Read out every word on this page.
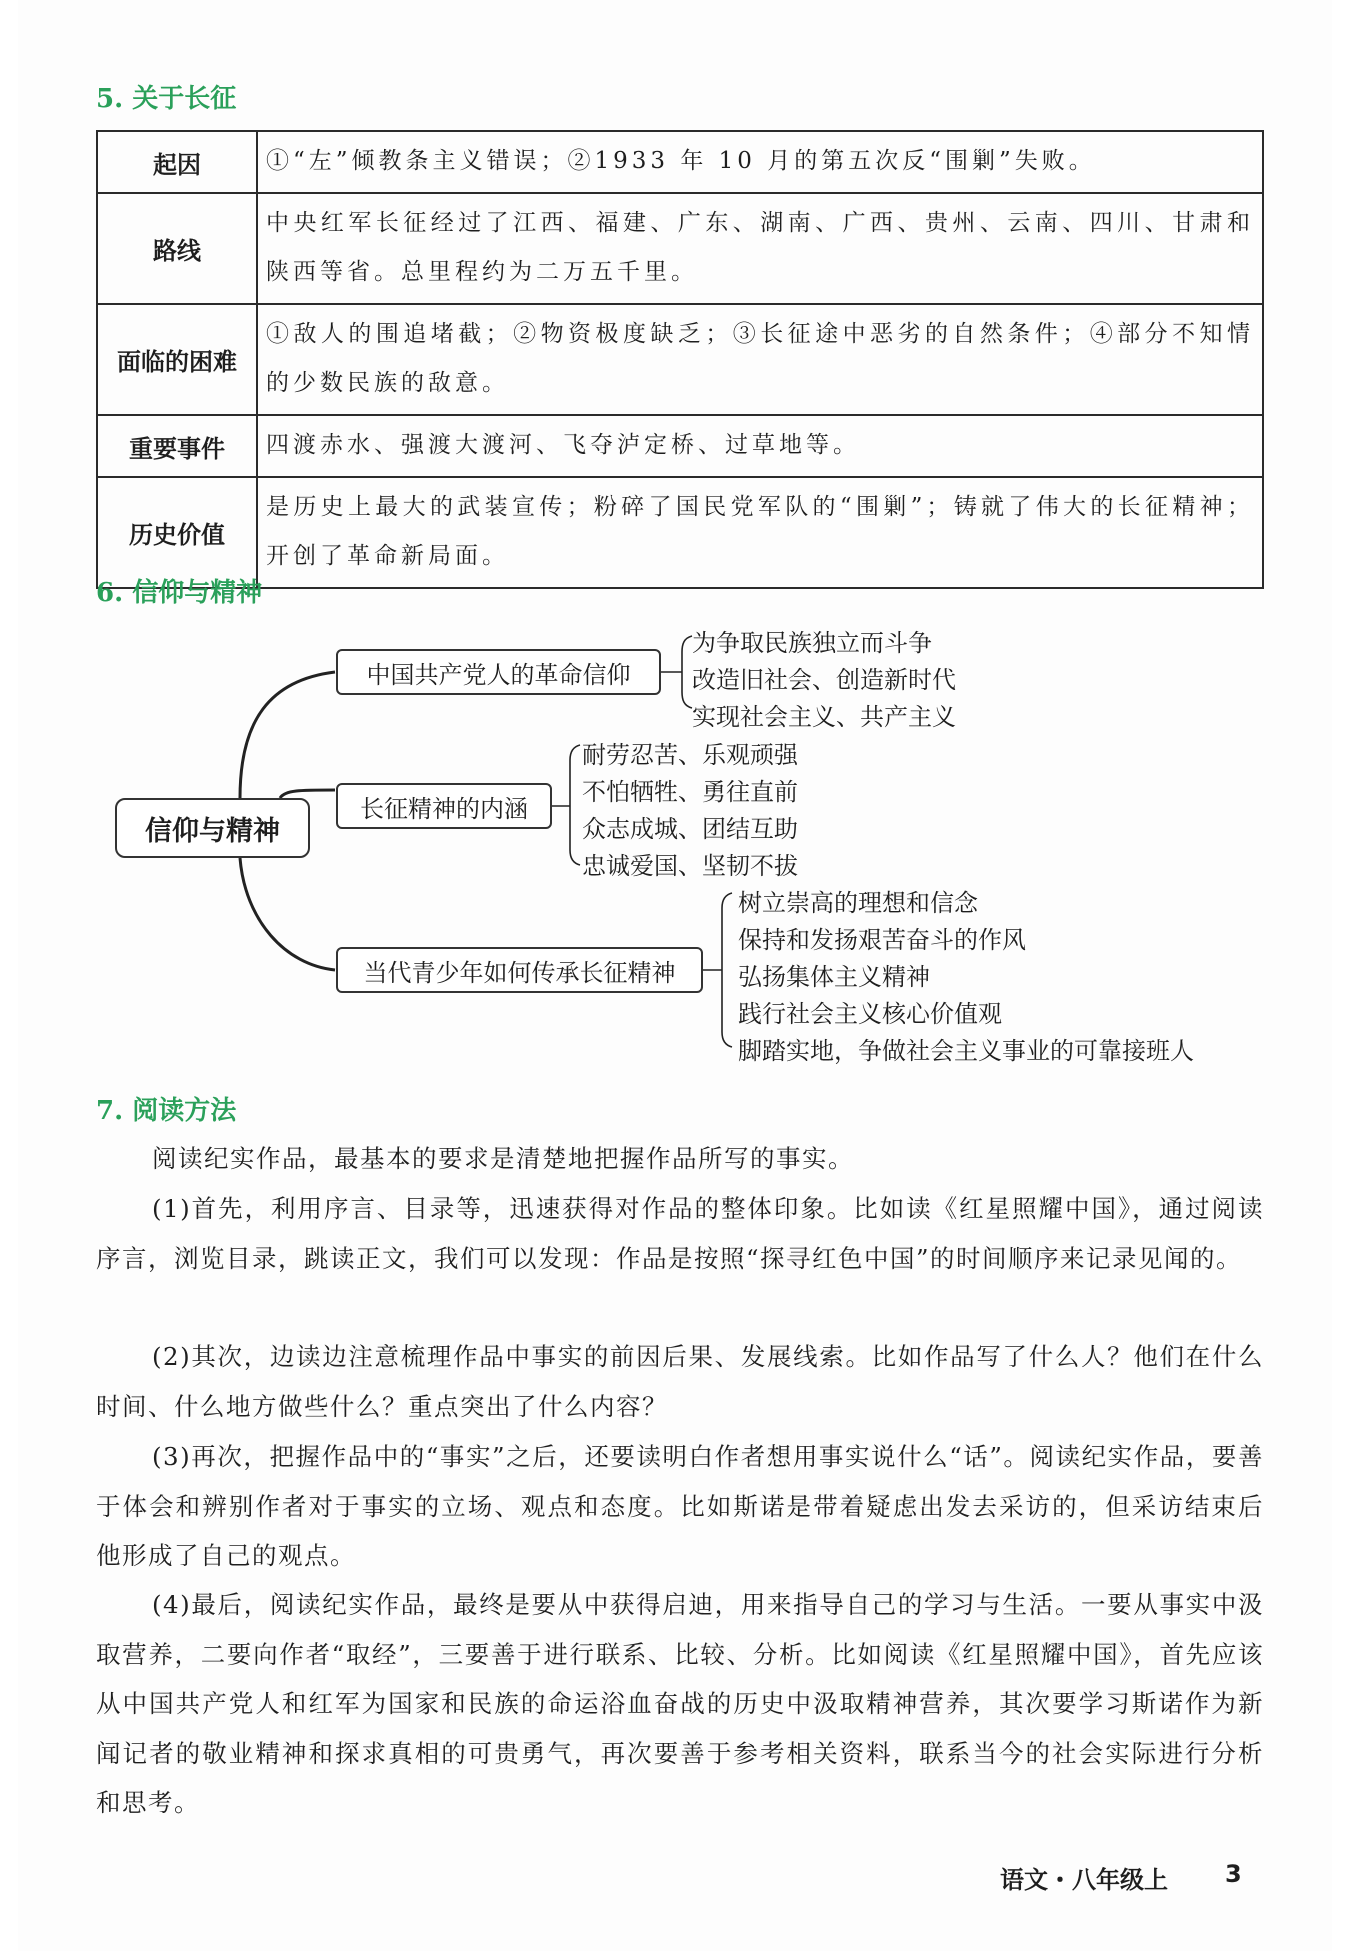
5. 关于长征
起因	①“左”倾教条主义错误；②1933 年 10 月的第五次反“围剿”失败。
路线	中央红军长征经过了江西、福建、广东、湖南、广西、贵州、云南、四川、甘肃和陕西等省。总里程约为二万五千里。
面临的困难	①敌人的围追堵截；②物资极度缺乏；③长征途中恶劣的自然条件；④部分不知情的少数民族的敌意。
重要事件	四渡赤水、强渡大渡河、飞夺泸定桥、过草地等。
历史价值	是历史上最大的武装宣传；粉碎了国民党军队的“围剿”；铸就了伟大的长征精神；开创了革命新局面。
6. 信仰与精神
信仰与精神
中国共产党人的革命信仰
为争取民族独立而斗争
改造旧社会、创造新时代
实现社会主义、共产主义
长征精神的内涵
耐劳忍苦、乐观顽强
不怕牺牲、勇往直前
众志成城、团结互助
忠诚爱国、坚韧不拔
当代青少年如何传承长征精神
树立崇高的理想和信念
保持和发扬艰苦奋斗的作风
弘扬集体主义精神
践行社会主义核心价值观
脚踏实地，争做社会主义事业的可靠接班人
7. 阅读方法

阅读纪实作品，最基本的要求是清楚地把握作品所写的事实。

(1)首先，利用序言、目录等，迅速获得对作品的整体印象。比如读《红星照耀中国》，通过阅读序言，浏览目录，跳读正文，我们可以发现：作品是按照“探寻红色中国”的时间顺序来记录见闻的。

(2)其次，边读边注意梳理作品中事实的前因后果、发展线索。比如作品写了什么人？他们在什么时间、什么地方做些什么？重点突出了什么内容？

(3)再次，把握作品中的“事实”之后，还要读明白作者想用事实说什么“话”。阅读纪实作品，要善于体会和辨别作者对于事实的立场、观点和态度。比如斯诺是带着疑虑出发去采访的，但采访结束后他形成了自己的观点。

(4)最后，阅读纪实作品，最终是要从中获得启迪，用来指导自己的学习与生活。一要从事实中汲取营养，二要向作者“取经”，三要善于进行联系、比较、分析。比如阅读《红星照耀中国》，首先应该从中国共产党人和红军为国家和民族的命运浴血奋战的历史中汲取精神营养，其次要学习斯诺作为新闻记者的敬业精神和探求真相的可贵勇气，再次要善于参考相关资料，联系当今的社会实际进行分析和思考。

语文・八年级上 3
